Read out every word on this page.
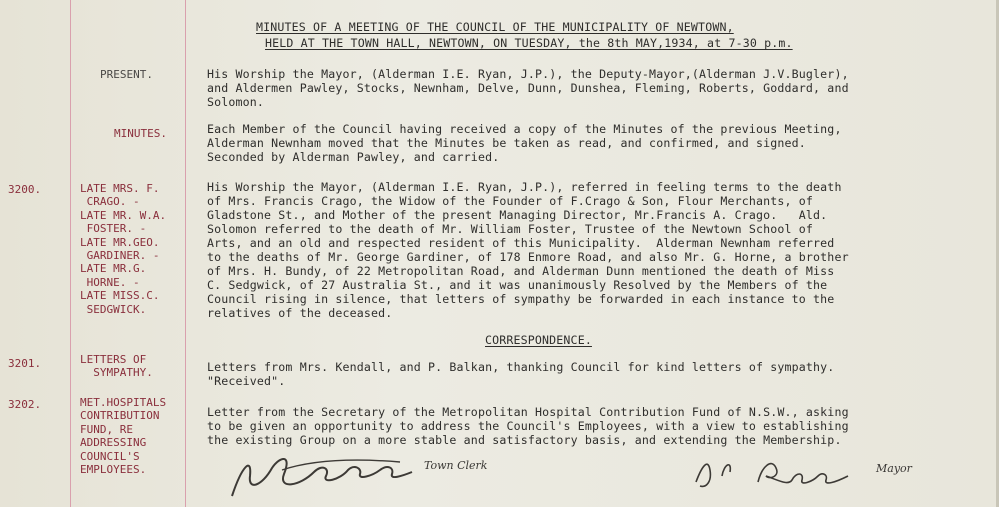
MINUTES OF A MEETING OF THE COUNCIL OF THE MUNICIPALITY OF NEWTOWN,

HELD AT THE TOWN HALL, NEWTOWN, ON TUESDAY, the 8th MAY,1934, at 7-30 p.m.

PRESENT.	His Worship the Mayor, (Alderman I.E. Ryan, J.P.), the Deputy-Mayor,(Alderman J.V.Bugler),

and Aldermen Pawley, Stocks, Newnham, Delve, Dunn, Dunshea, Fleming, Roberts, Goddard, and

Solomon.

MINUTES.	Each Member of the Council having received a copy of the Minutes of the previous Meeting,

Alderman Newnham moved that the Minutes be taken as read, and confirmed, and signed.

Seconded by Alderman Pawley, and carried.

3200.	LATE MRS. F.
CRAGO. -
LATE MR. W.A.
FOSTER. -
LATE MR.GEO.
GARDINER. -
LATE MR.G.
HORNE. -
LATE MISS.C.
SEDGWICK.

His Worship the Mayor, (Alderman I.E. Ryan, J.P.), referred in feeling terms to the death

of Mrs. Francis Crago, the Widow of the Founder of F.Crago & Son, Flour Merchants, of

Gladstone St., and Mother of the present Managing Director, Mr.Francis A. Crago.   Ald.

Solomon referred to the death of Mr. William Foster, Trustee of the Newtown School of

Arts, and an old and respected resident of this Municipality.  Alderman Newnham referred

to the deaths of Mr. George Gardiner, of 178 Enmore Road, and also Mr. G. Horne, a brother

of Mrs. H. Bundy, of 22 Metropolitan Road, and Alderman Dunn mentioned the death of Miss

C. Sedgwick, of 27 Australia St., and it was unanimously Resolved by the Members of the

Council rising in silence, that letters of sympathy be forwarded in each instance to the

relatives of the deceased.

CORRESPONDENCE.

3201.	LETTERS OF
SYMPATHY.	Letters from Mrs. Kendall, and P. Balkan, thanking Council for kind letters of sympathy.

"Received".

3202.	MET.HOSPITALS
CONTRIBUTION
FUND, RE
ADDRESSING
COUNCIL'S
EMPLOYEES.

Letter from the Secretary of the Metropolitan Hospital Contribution Fund of N.S.W., asking

to be given an opportunity to address the Council's Employees, with a view to establishing

the existing Group on a more stable and satisfactory basis, and extending the Membership.

Town Clerk	Mayor
